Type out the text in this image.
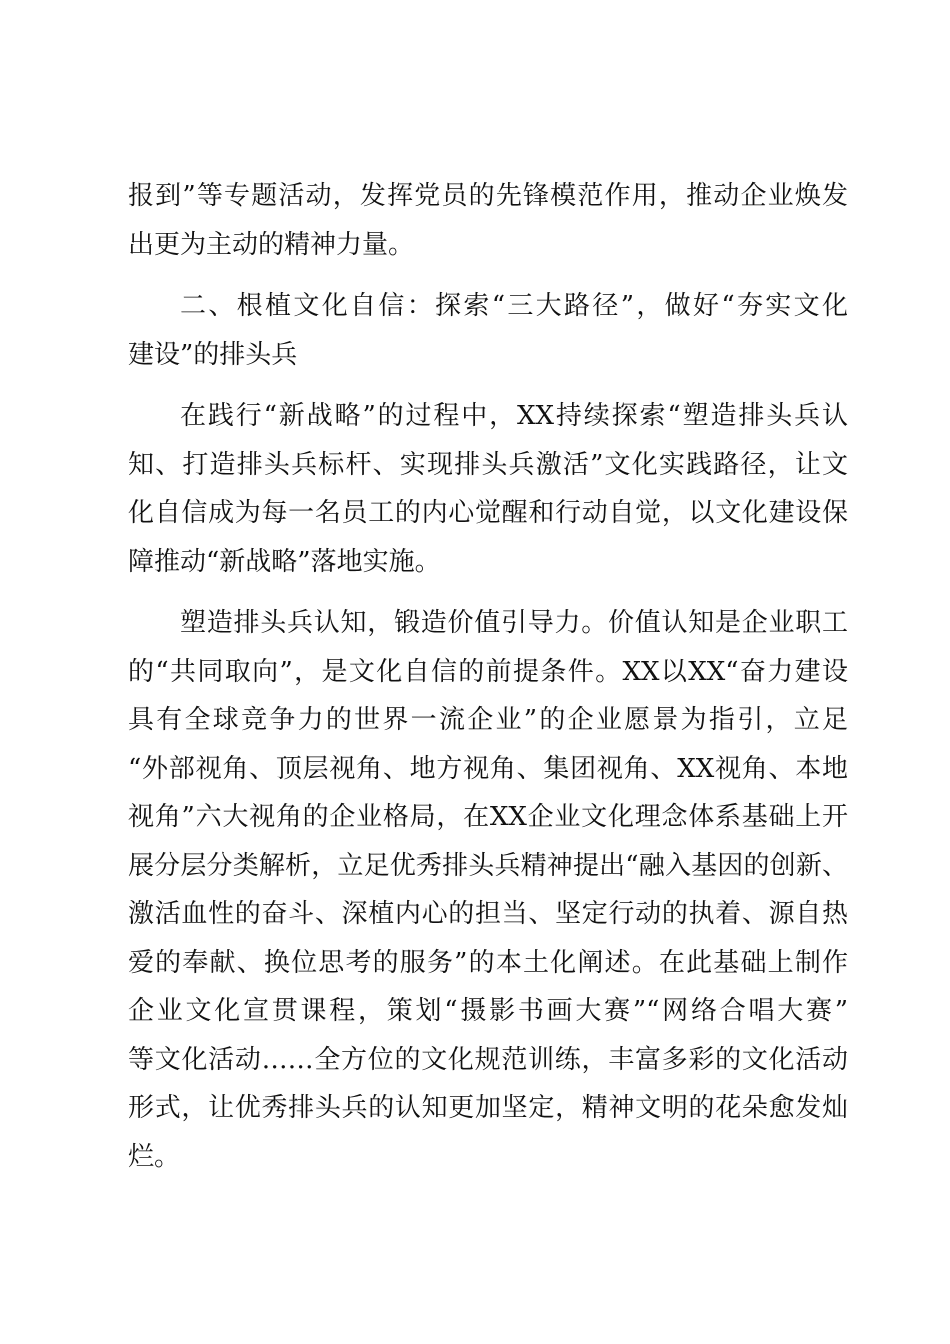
报到”等专题活动，发挥党员的先锋模范作用，推动企业焕发
出更为主动的精神力量。
二、根植文化自信：探索“三大路径”，做好“夯实文化
建设”的排头兵
在践行“新战略”的过程中，XX持续探索“塑造排头兵认
知、打造排头兵标杆、实现排头兵激活”文化实践路径，让文
化自信成为每一名员工的内心觉醒和行动自觉，以文化建设保
障推动“新战略”落地实施。
塑造排头兵认知，锻造价值引导力。价值认知是企业职工
的“共同取向”，是文化自信的前提条件。XX以XX“奋力建设
具有全球竞争力的世界一流企业”的企业愿景为指引，立足
“外部视角、顶层视角、地方视角、集团视角、XX视角、本地
视角”六大视角的企业格局，在XX企业文化理念体系基础上开
展分层分类解析，立足优秀排头兵精神提出“融入基因的创新、
激活血性的奋斗、深植内心的担当、坚定行动的执着、源自热
爱的奉献、换位思考的服务”的本土化阐述。在此基础上制作
企业文化宣贯课程，策划“摄影书画大赛”“网络合唱大赛”
等文化活动……全方位的文化规范训练，丰富多彩的文化活动
形式，让优秀排头兵的认知更加坚定，精神文明的花朵愈发灿
烂。
